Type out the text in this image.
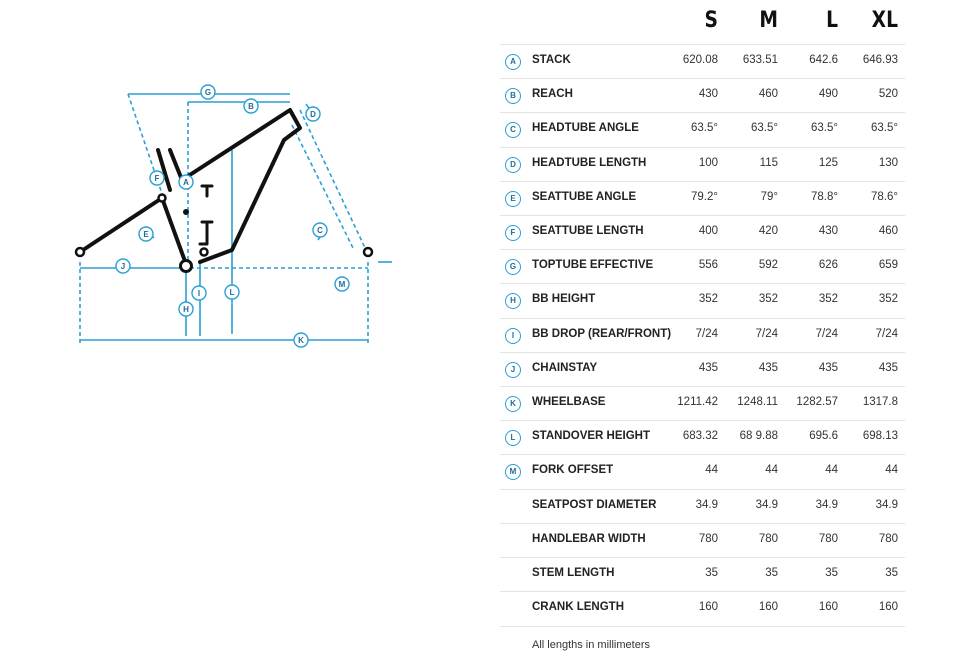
A
B
C
D
E
F
G
H
I
J
K
L
M
S	M	L	XL
A	STACK	620.08	633.51	642.6	646.93
B	REACH	430	460	490	520
C	HEADTUBE ANGLE	63.5°	63.5°	63.5°	63.5°
D	HEADTUBE LENGTH	100	115	125	130
E	SEATTUBE ANGLE	79.2°	79°	78.8°	78.6°
F	SEATTUBE LENGTH	400	420	430	460
G	TOPTUBE EFFECTIVE	556	592	626	659
H	BB HEIGHT	352	352	352	352
I	BB DROP (REAR/FRONT)	7/24	7/24	7/24	7/24
J	CHAINSTAY	435	435	435	435
K	WHEELBASE	1211.42	1248.11	1282.57	1317.8
L	STANDOVER HEIGHT	683.32	68 9.88	695.6	698.13
M	FORK OFFSET	44	44	44	44
SEATPOST DIAMETER	34.9	34.9	34.9	34.9
HANDLEBAR WIDTH	780	780	780	780
STEM LENGTH	35	35	35	35
CRANK LENGTH	160	160	160	160
All lengths in millimeters
